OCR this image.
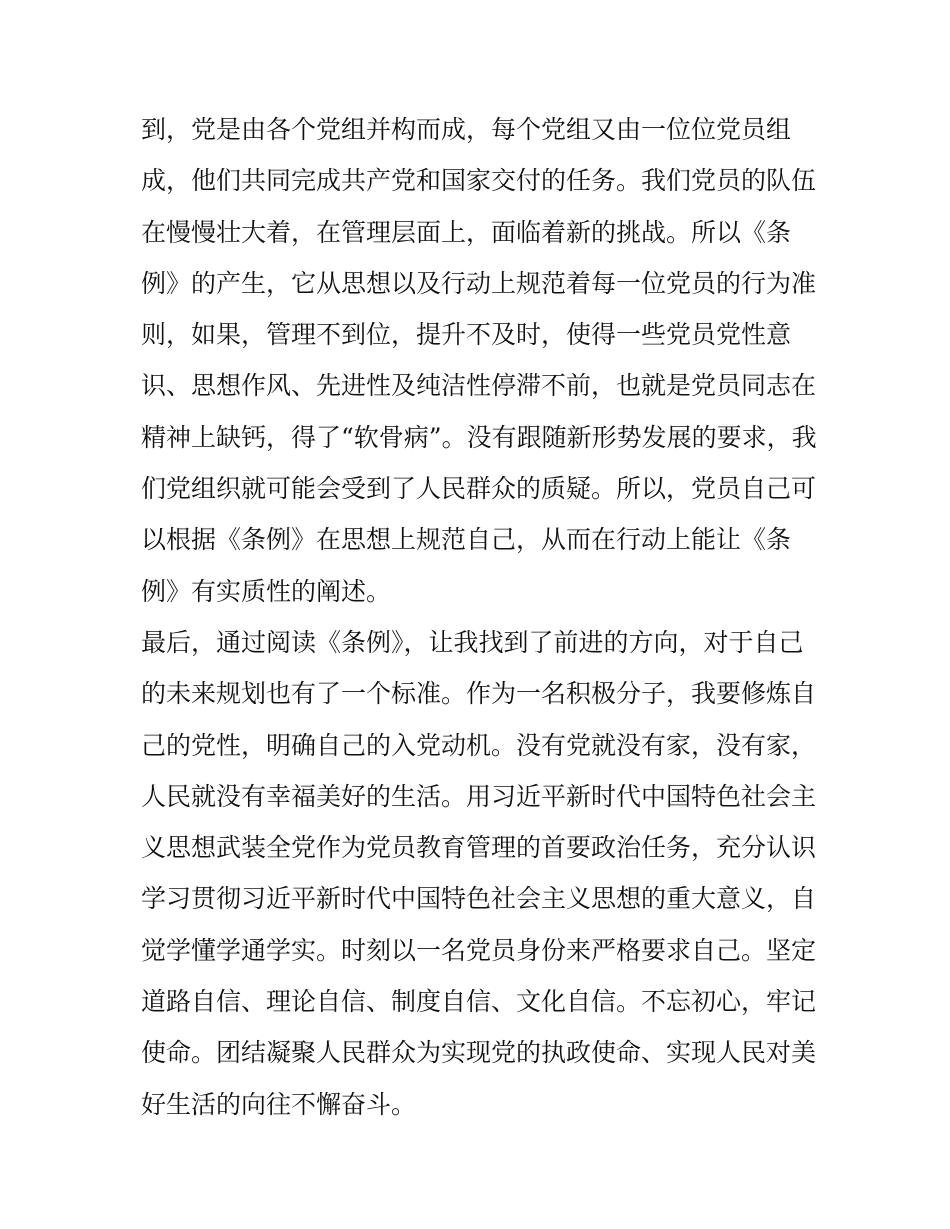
到，党是由各个党组并构而成，每个党组又由一位位党员组
成，他们共同完成共产党和国家交付的任务。我们党员的队伍
在慢慢壮大着，在管理层面上，面临着新的挑战。所以《条
例》的产生，它从思想以及行动上规范着每一位党员的行为准
则，如果，管理不到位，提升不及时，使得一些党员党性意
识、思想作风、先进性及纯洁性停滞不前，也就是党员同志在
精神上缺钙，得了“软骨病”。没有跟随新形势发展的要求，我
们党组织就可能会受到了人民群众的质疑。所以，党员自己可
以根据《条例》在思想上规范自己，从而在行动上能让《条
例》有实质性的阐述。
最后，通过阅读《条例》，让我找到了前进的方向，对于自己
的未来规划也有了一个标准。作为一名积极分子，我要修炼自
己的党性，明确自己的入党动机。没有党就没有家，没有家，
人民就没有幸福美好的生活。用习近平新时代中国特色社会主
义思想武装全党作为党员教育管理的首要政治任务，充分认识
学习贯彻习近平新时代中国特色社会主义思想的重大意义，自
觉学懂学通学实。时刻以一名党员身份来严格要求自己。坚定
道路自信、理论自信、制度自信、文化自信。不忘初心，牢记
使命。团结凝聚人民群众为实现党的执政使命、实现人民对美
好生活的向往不懈奋斗。
